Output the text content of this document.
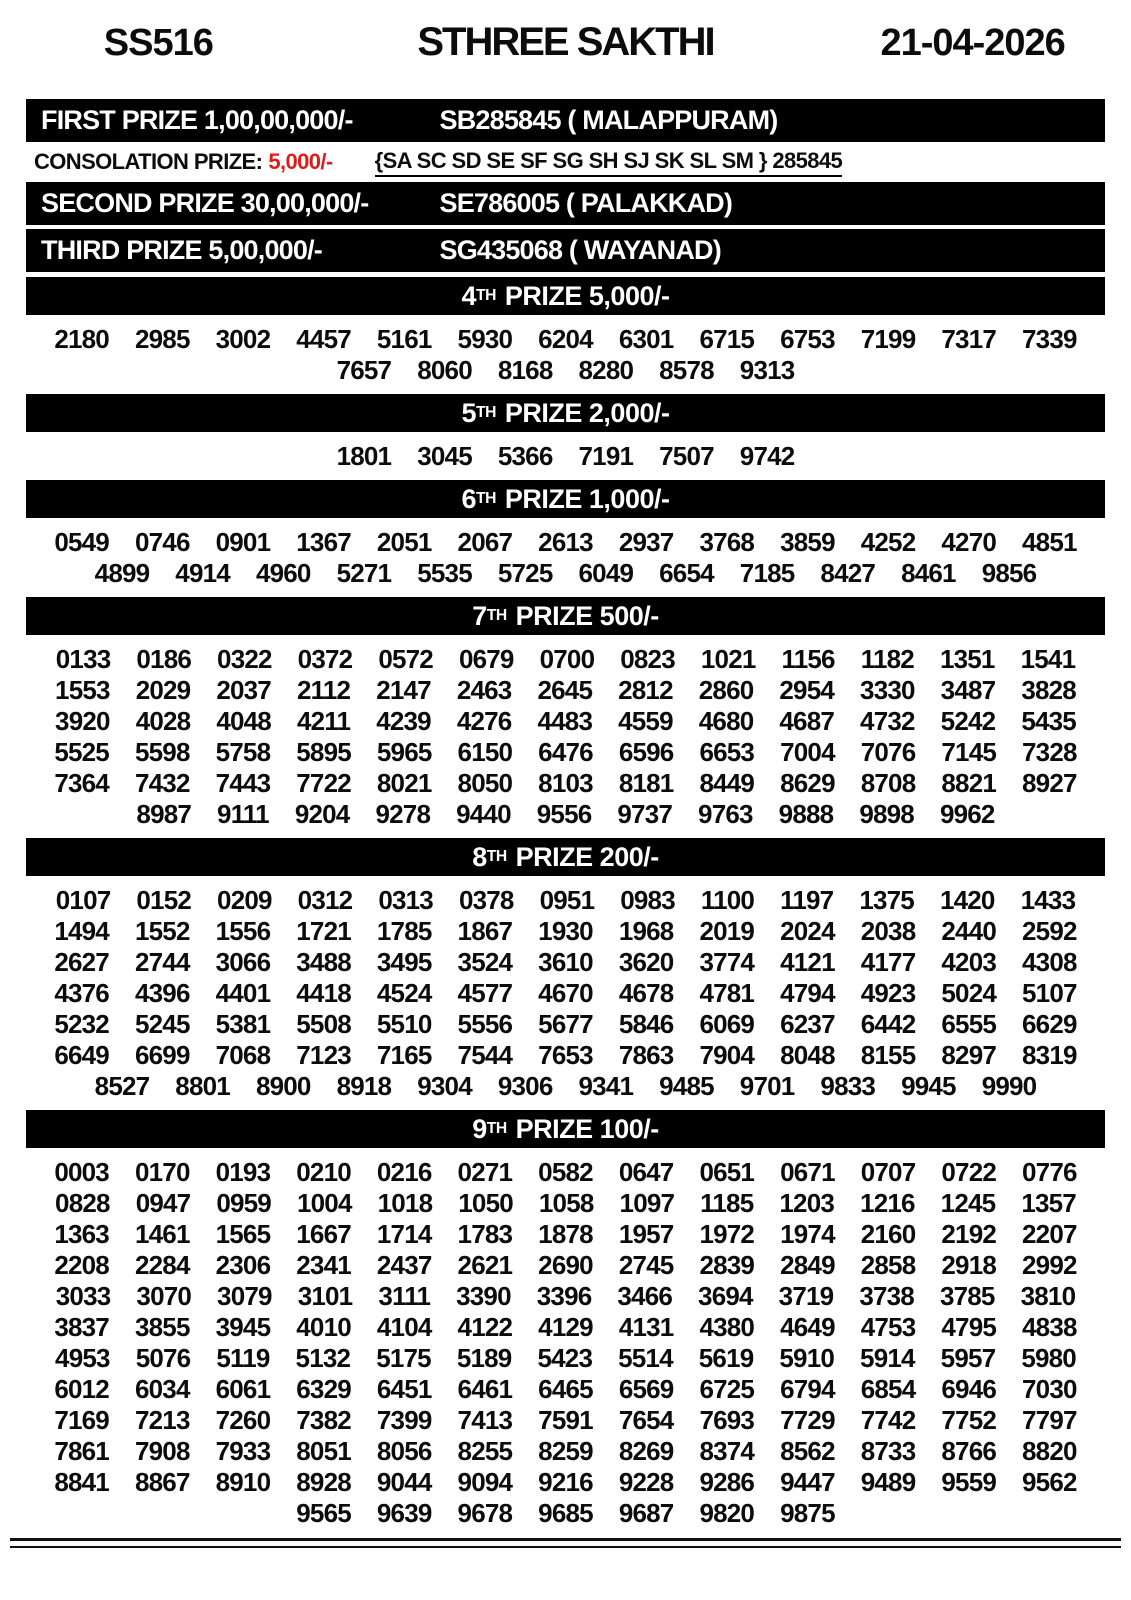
SS516	STHREE SAKTHI	21-04-2026
FIRST PRIZE 1,00,00,000/-	SB285845 ( MALAPPURAM)
CONSOLATION PRIZE: 5,000/- {SA SC SD SE SF SG SH SJ SK SL SM } 285845
SECOND PRIZE 30,00,000/-	SE786005 ( PALAKKAD)
THIRD PRIZE 5,00,000/-	SG435068 ( WAYANAD)
4 TH PRIZE 5,000/-
2180 2985 3002 4457 5161 5930 6204 6301 6715 6753 7199 7317 7339
7657 8060 8168 8280 8578 9313
5 TH PRIZE 2,000/-
1801 3045 5366 7191 7507 9742
6 TH PRIZE 1,000/-
0549 0746 0901 1367 2051 2067 2613 2937 3768 3859 4252 4270 4851
4899 4914 4960 5271 5535 5725 6049 6654 7185 8427 8461 9856
7 TH PRIZE 500/-
0133 0186 0322 0372 0572 0679 0700 0823 1021 1156 1182 1351 1541
1553 2029 2037 2112 2147 2463 2645 2812 2860 2954 3330 3487 3828
3920 4028 4048 4211 4239 4276 4483 4559 4680 4687 4732 5242 5435
5525 5598 5758 5895 5965 6150 6476 6596 6653 7004 7076 7145 7328
7364 7432 7443 7722 8021 8050 8103 8181 8449 8629 8708 8821 8927
8987 9111 9204 9278 9440 9556 9737 9763 9888 9898 9962
8 TH PRIZE 200/-
0107 0152 0209 0312 0313 0378 0951 0983 1100 1197 1375 1420 1433
1494 1552 1556 1721 1785 1867 1930 1968 2019 2024 2038 2440 2592
2627 2744 3066 3488 3495 3524 3610 3620 3774 4121 4177 4203 4308
4376 4396 4401 4418 4524 4577 4670 4678 4781 4794 4923 5024 5107
5232 5245 5381 5508 5510 5556 5677 5846 6069 6237 6442 6555 6629
6649 6699 7068 7123 7165 7544 7653 7863 7904 8048 8155 8297 8319
8527 8801 8900 8918 9304 9306 9341 9485 9701 9833 9945 9990
9 TH PRIZE 100/-
0003 0170 0193 0210 0216 0271 0582 0647 0651 0671 0707 0722 0776
0828 0947 0959 1004 1018 1050 1058 1097 1185 1203 1216 1245 1357
1363 1461 1565 1667 1714 1783 1878 1957 1972 1974 2160 2192 2207
2208 2284 2306 2341 2437 2621 2690 2745 2839 2849 2858 2918 2992
3033 3070 3079 3101 3111 3390 3396 3466 3694 3719 3738 3785 3810
3837 3855 3945 4010 4104 4122 4129 4131 4380 4649 4753 4795 4838
4953 5076 5119 5132 5175 5189 5423 5514 5619 5910 5914 5957 5980
6012 6034 6061 6329 6451 6461 6465 6569 6725 6794 6854 6946 7030
7169 7213 7260 7382 7399 7413 7591 7654 7693 7729 7742 7752 7797
7861 7908 7933 8051 8056 8255 8259 8269 8374 8562 8733 8766 8820
8841 8867 8910 8928 9044 9094 9216 9228 9286 9447 9489 9559 9562
9565 9639 9678 9685 9687 9820 9875
